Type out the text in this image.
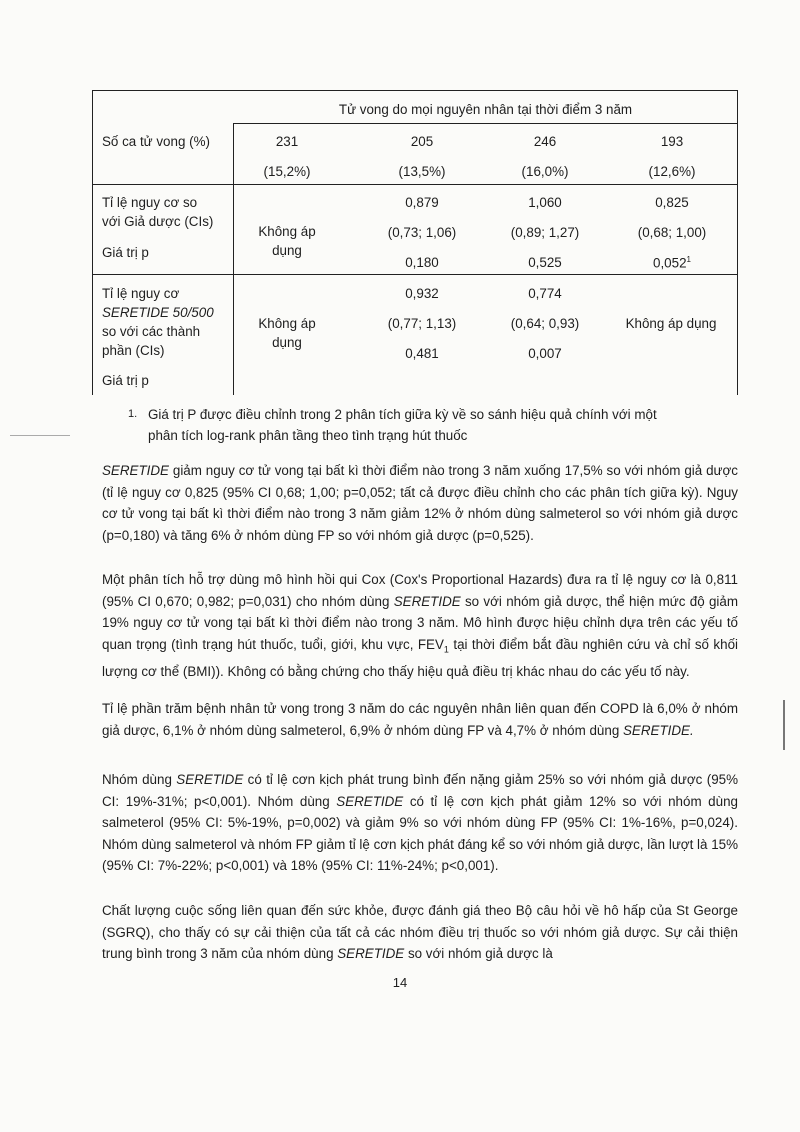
Tử vong do mọi nguyên nhân tại thời điểm 3 năm
Số ca tử vong (%)	231
(15,2%)
205
(13,5%)
246
(16,0%)
193
(12,6%)
Tỉ lệ nguy cơ so
với Giả dược (CIs)
Giá trị p
Không áp
dụng
0,879
(0,73; 1,06)
0,180
1,060
(0,89; 1,27)
0,525
0,825
(0,68; 1,00)
0,052$^1$
Tỉ lệ nguy cơ
SERETIDE 50/500
so với các thành
phần (CIs)
Giá trị p
Không áp
dụng
0,932
(0,77; 1,13)
0,481
0,774
(0,64; 0,93)
0,007
Không áp dụng
1. Giá trị P được điều chỉnh trong 2 phân tích giữa kỳ về so sánh hiệu quả chính với một
phân tích log-rank phân tầng theo tình trạng hút thuốc
SERETIDE giảm nguy cơ tử vong tại bất kì thời điểm nào trong 3 năm xuống 17,5% so với nhóm giả dược (tỉ lệ nguy cơ 0,825 (95% CI 0,68; 1,00; p=0,052; tất cả được điều chỉnh cho các phân tích giữa kỳ). Nguy cơ tử vong tại bất kì thời điểm nào trong 3 năm giảm 12% ở nhóm dùng salmeterol so với nhóm giả dược (p=0,180) và tăng 6% ở nhóm dùng FP so với nhóm giả dược (p=0,525).
Một phân tích hỗ trợ dùng mô hình hồi qui Cox (Cox's Proportional Hazards) đưa ra tỉ lệ nguy cơ là 0,811 (95% CI 0,670; 0,982; p=0,031) cho nhóm dùng SERETIDE so với nhóm giả dược, thể hiện mức độ giảm 19% nguy cơ tử vong tại bất kì thời điểm nào trong 3 năm. Mô hình được hiệu chỉnh dựa trên các yếu tố quan trọng (tình trạng hút thuốc, tuổi, giới, khu vực, $FEV_1$ tại thời điểm bắt đầu nghiên cứu và chỉ số khối lượng cơ thể (BMI)). Không có bằng chứng cho thấy hiệu quả điều trị khác nhau do các yếu tố này.
Tỉ lệ phần trăm bệnh nhân tử vong trong 3 năm do các nguyên nhân liên quan đến COPD là 6,0% ở nhóm giả dược, 6,1% ở nhóm dùng salmeterol, 6,9% ở nhóm dùng FP và 4,7% ở nhóm dùng SERETIDE.
Nhóm dùng SERETIDE có tỉ lệ cơn kịch phát trung bình đến nặng giảm 25% so với nhóm giả dược (95% CI: 19%-31%; p<0,001). Nhóm dùng SERETIDE có tỉ lệ cơn kịch phát giảm 12% so với nhóm dùng salmeterol (95% CI: 5%-19%, p=0,002) và giảm 9% so với nhóm dùng FP (95% CI: 1%-16%, p=0,024). Nhóm dùng salmeterol và nhóm FP giảm tỉ lệ cơn kịch phát đáng kể so với nhóm giả dược, lần lượt là 15% (95% CI: 7%-22%; p<0,001) và 18% (95% CI: 11%-24%; p<0,001).
Chất lượng cuộc sống liên quan đến sức khỏe, được đánh giá theo Bộ câu hỏi về hô hấp của St George (SGRQ), cho thấy có sự cải thiện của tất cả các nhóm điều trị thuốc so với nhóm giả dược. Sự cải thiện trung bình trong 3 năm của nhóm dùng SERETIDE so với nhóm giả dược là
14
